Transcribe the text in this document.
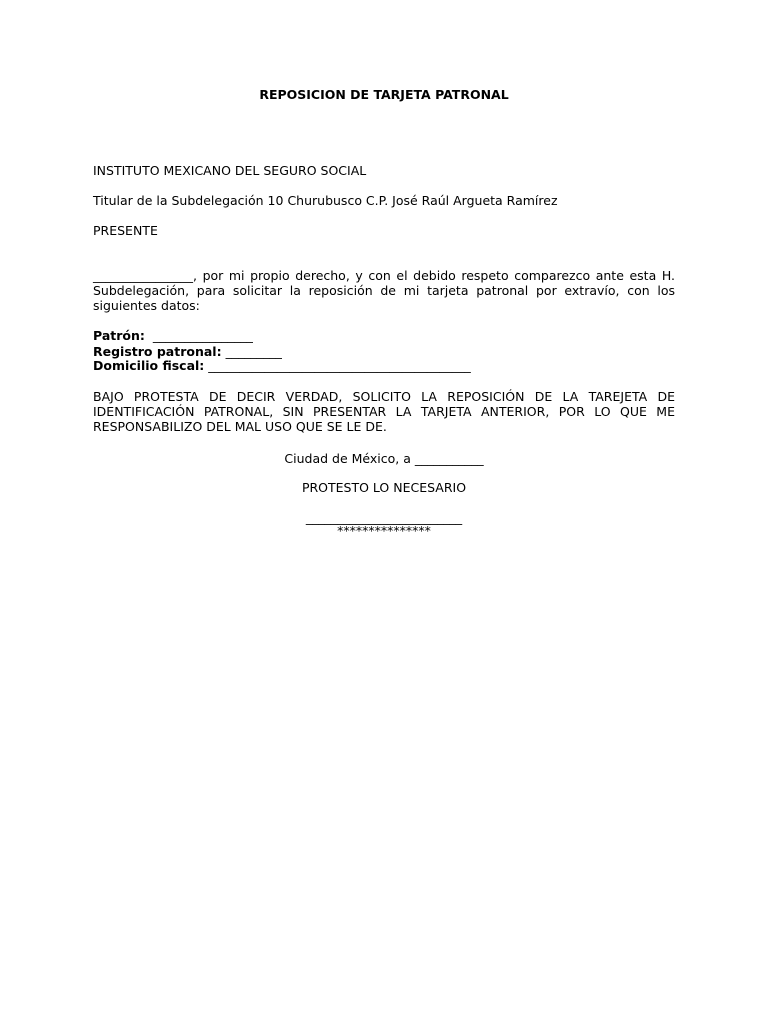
REPOSICION DE TARJETA PATRONAL

INSTITUTO MEXICANO DEL SEGURO SOCIAL

Titular de la Subdelegación 10 Churubusco C.P. José Raúl Argueta Ramírez

PRESENTE

________________, por mi propio derecho, y con el debido respeto comparezco ante esta H. Subdelegación, para solicitar la reposición de mi tarjeta patronal por extravío, con los siguientes datos:

Patrón: ________________

Registro patronal: _________

Domicilio fiscal: __________________________________________

BAJO PROTESTA DE DECIR VERDAD, SOLICITO LA REPOSICIÓN DE LA TAREJETA DE IDENTIFICACIÓN PATRONAL, SIN PRESENTAR LA TARJETA ANTERIOR, POR LO QUE ME RESPONSABILIZO DEL MAL USO QUE SE LE DE.

Ciudad de México, a ___________

PROTESTO LO NECESARIO

_________________________

***************
